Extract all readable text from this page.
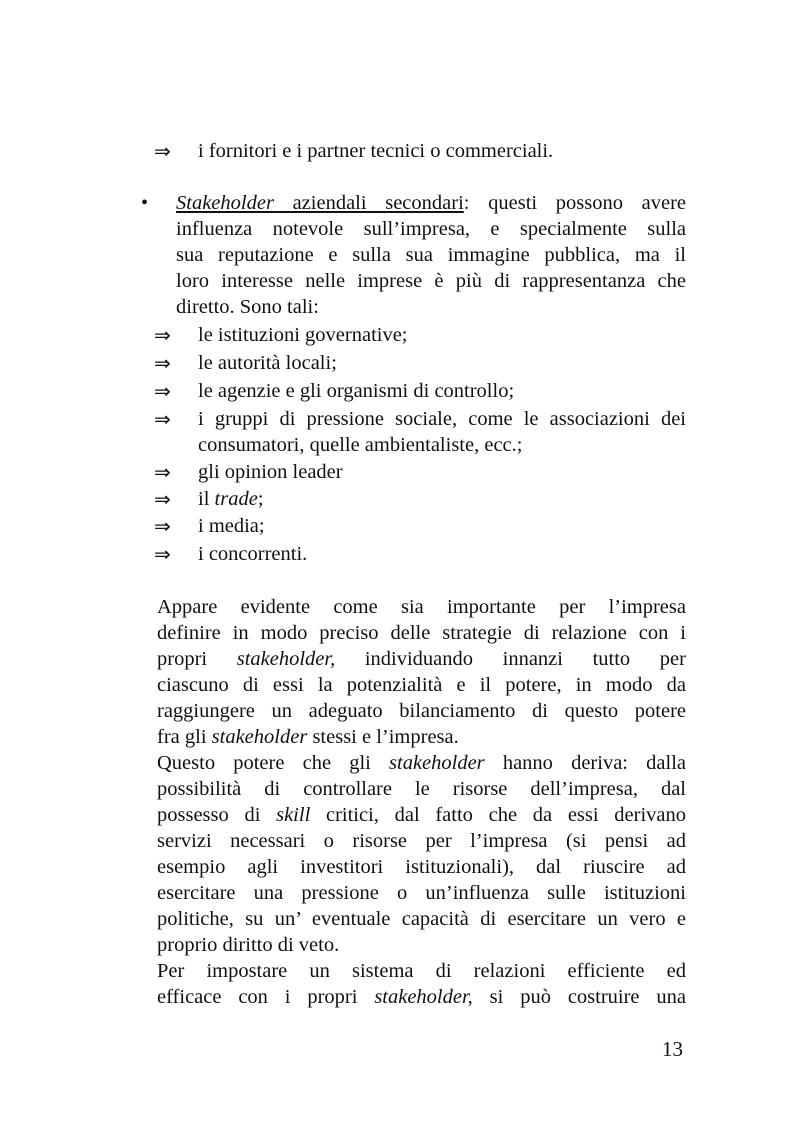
⇒ i fornitori e i partner tecnici o commerciali.
• Stakeholder aziendali secondari: questi possono avere
influenza notevole sull’impresa, e specialmente sulla
sua reputazione e sulla sua immagine pubblica, ma il
loro interesse nelle imprese è più di rappresentanza che
diretto. Sono tali:
⇒ le istituzioni governative;
⇒ le autorità locali;
⇒ le agenzie e gli organismi di controllo;
⇒ i gruppi di pressione sociale, come le associazioni dei
consumatori, quelle ambientaliste, ecc.;
⇒ gli opinion leader
⇒ il trade;
⇒ i media;
⇒ i concorrenti.
Appare evidente come sia importante per l’impresa
definire in modo preciso delle strategie di relazione con i
propri stakeholder, individuando innanzi tutto per
ciascuno di essi la potenzialità e il potere, in modo da
raggiungere un adeguato bilanciamento di questo potere
fra gli stakeholder stessi e l’impresa.
Questo potere che gli stakeholder hanno deriva: dalla
possibilità di controllare le risorse dell’impresa, dal
possesso di skill critici, dal fatto che da essi derivano
servizi necessari o risorse per l’impresa (si pensi ad
esempio agli investitori istituzionali), dal riuscire ad
esercitare una pressione o un’influenza sulle istituzioni
politiche, su un’ eventuale capacità di esercitare un vero e
proprio diritto di veto.
Per impostare un sistema di relazioni efficiente ed
efficace con i propri stakeholder, si può costruire una
13
